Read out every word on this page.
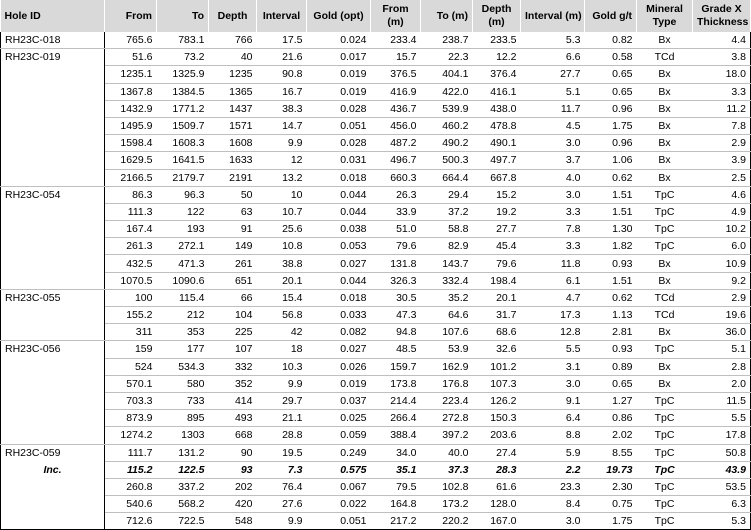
Hole ID	From	To	Depth	Interval	Gold (opt)	From
(m)	To (m)	Depth
(m)	Interval (m)	Gold g/t	Mineral
Type	Grade X
Thickness
RH23C-018	765.6	783.1	766	17.5	0.024	233.4	238.7	233.5	5.3	0.82	Bx	4.4
RH23C-019	51.6	73.2	40	21.6	0.017	15.7	22.3	12.2	6.6	0.58	TCd	3.8
	1235.1	1325.9	1235	90.8	0.019	376.5	404.1	376.4	27.7	0.65	Bx	18.0
	1367.8	1384.5	1365	16.7	0.019	416.9	422.0	416.1	5.1	0.65	Bx	3.3
	1432.9	1771.2	1437	38.3	0.028	436.7	539.9	438.0	11.7	0.96	Bx	11.2
	1495.9	1509.7	1571	14.7	0.051	456.0	460.2	478.8	4.5	1.75	Bx	7.8
	1598.4	1608.3	1608	9.9	0.028	487.2	490.2	490.1	3.0	0.96	Bx	2.9
	1629.5	1641.5	1633	12	0.031	496.7	500.3	497.7	3.7	1.06	Bx	3.9
	2166.5	2179.7	2191	13.2	0.018	660.3	664.4	667.8	4.0	0.62	Bx	2.5
RH23C-054	86.3	96.3	50	10	0.044	26.3	29.4	15.2	3.0	1.51	TpC	4.6
	111.3	122	63	10.7	0.044	33.9	37.2	19.2	3.3	1.51	TpC	4.9
	167.4	193	91	25.6	0.038	51.0	58.8	27.7	7.8	1.30	TpC	10.2
	261.3	272.1	149	10.8	0.053	79.6	82.9	45.4	3.3	1.82	TpC	6.0
	432.5	471.3	261	38.8	0.027	131.8	143.7	79.6	11.8	0.93	Bx	10.9
	1070.5	1090.6	651	20.1	0.044	326.3	332.4	198.4	6.1	1.51	Bx	9.2
RH23C-055	100	115.4	66	15.4	0.018	30.5	35.2	20.1	4.7	0.62	TCd	2.9
	155.2	212	104	56.8	0.033	47.3	64.6	31.7	17.3	1.13	TCd	19.6
	311	353	225	42	0.082	94.8	107.6	68.6	12.8	2.81	Bx	36.0
RH23C-056	159	177	107	18	0.027	48.5	53.9	32.6	5.5	0.93	TpC	5.1
	524	534.3	332	10.3	0.026	159.7	162.9	101.2	3.1	0.89	Bx	2.8
	570.1	580	352	9.9	0.019	173.8	176.8	107.3	3.0	0.65	Bx	2.0
	703.3	733	414	29.7	0.037	214.4	223.4	126.2	9.1	1.27	TpC	11.5
	873.9	895	493	21.1	0.025	266.4	272.8	150.3	6.4	0.86	TpC	5.5
	1274.2	1303	668	28.8	0.059	388.4	397.2	203.6	8.8	2.02	TpC	17.8
RH23C-059	111.7	131.2	90	19.5	0.249	34.0	40.0	27.4	5.9	8.55	TpC	50.8
Inc.	115.2	122.5	93	7.3	0.575	35.1	37.3	28.3	2.2	19.73	TpC	43.9
	260.8	337.2	202	76.4	0.067	79.5	102.8	61.6	23.3	2.30	TpC	53.5
	540.6	568.2	420	27.6	0.022	164.8	173.2	128.0	8.4	0.75	TpC	6.3
	712.6	722.5	548	9.9	0.051	217.2	220.2	167.0	3.0	1.75	TpC	5.3
